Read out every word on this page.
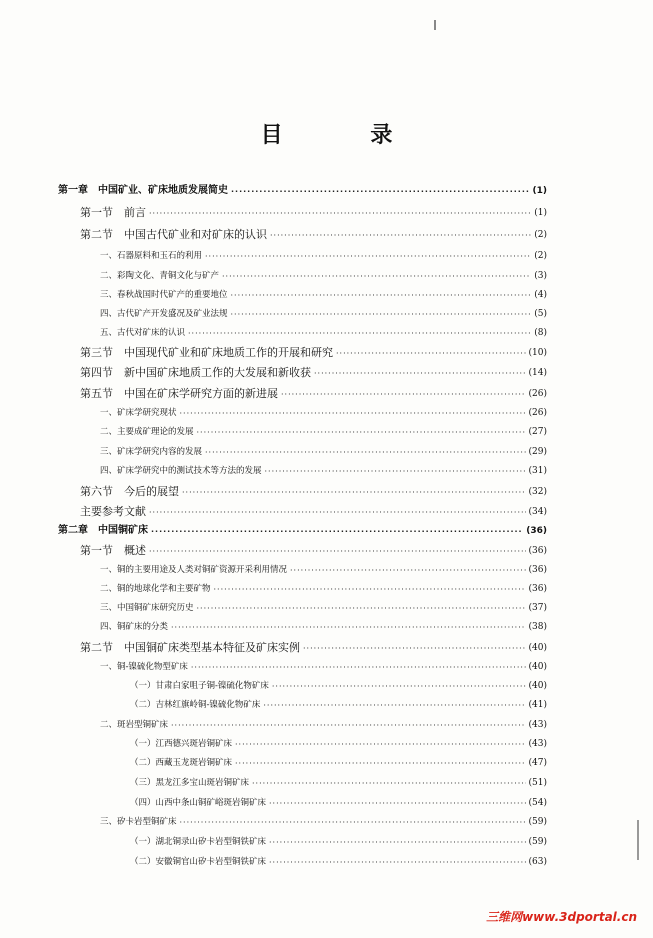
目 录
第一章　中国矿业、矿床地质发展简史 ·····	(1)
第一节　前言 ·····	(1)
第二节　中国古代矿业和对矿床的认识 ·····	(2)
一、石器原料和玉石的利用 ·····	(2)
二、彩陶文化、青铜文化与矿产 ·····	(3)
三、春秋战国时代矿产的重要地位 ·····	(4)
四、古代矿产开发盛况及矿业法规 ·····	(5)
五、古代对矿床的认识 ·····	(8)
第三节　中国现代矿业和矿床地质工作的开展和研究 ·····	(10)
第四节　新中国矿床地质工作的大发展和新收获 ·····	(14)
第五节　中国在矿床学研究方面的新进展 ·····	(26)
一、矿床学研究现状 ·····	(26)
二、主要成矿理论的发展 ·····	(27)
三、矿床学研究内容的发展 ·····	(29)
四、矿床学研究中的测试技术等方法的发展 ·····	(31)
第六节　今后的展望 ·····	(32)
主要参考文献 ·····	(34)
第二章　中国铜矿床 ·····	(36)
第一节　概述 ·····	(36)
一、铜的主要用途及人类对铜矿资源开采利用情况 ·····	(36)
二、铜的地球化学和主要矿物 ·····	(36)
三、中国铜矿床研究历史 ·····	(37)
四、铜矿床的分类 ·····	(38)
第二节　中国铜矿床类型基本特征及矿床实例 ·····	(40)
一、铜-镍硫化物型矿床 ·····	(40)
（一）甘肃白家咀子铜-镍硫化物矿床 ·····	(40)
（二）吉林红旗岭铜-镍硫化物矿床 ·····	(41)
二、斑岩型铜矿床 ·····	(43)
（一）江西德兴斑岩铜矿床 ·····	(43)
（二）西藏玉龙斑岩铜矿床 ·····	(47)
（三）黑龙江多宝山斑岩铜矿床 ·····	(51)
（四）山西中条山铜矿峪斑岩铜矿床 ·····	(54)
三、矽卡岩型铜矿床 ·····	(59)
（一）湖北铜录山矽卡岩型铜铁矿床 ·····	(59)
（二）安徽铜官山矽卡岩型铜铁矿床 ·····	(63)
三维网www.3dportal.cn
